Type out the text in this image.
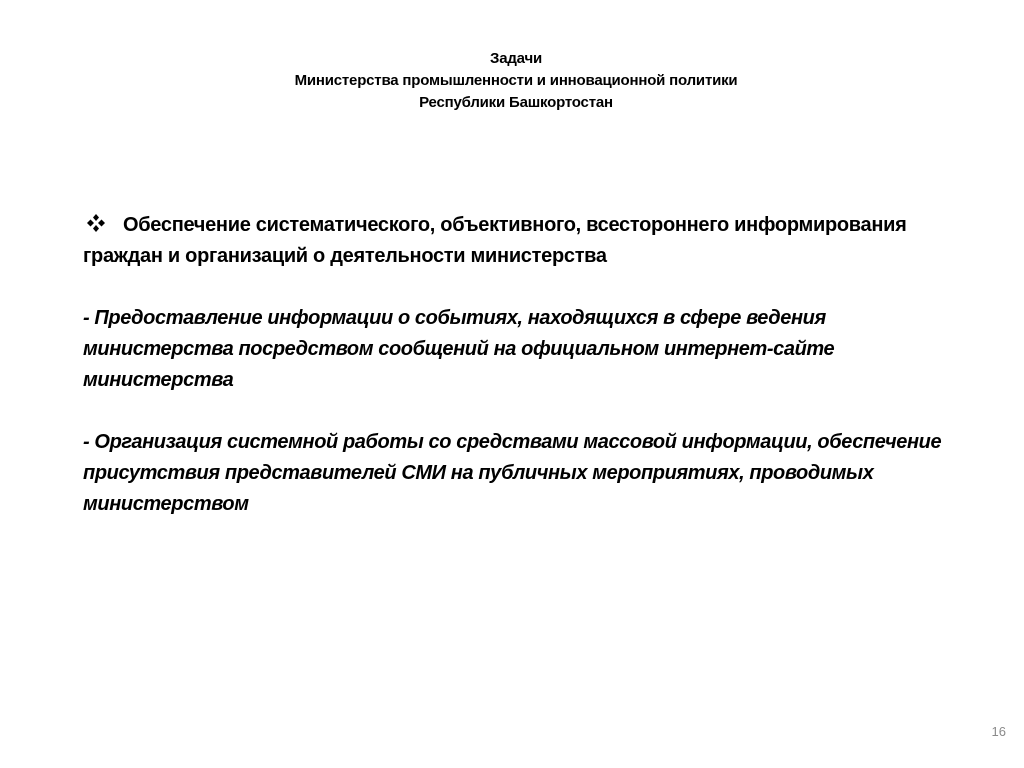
Задачи
Министерства промышленности и инновационной политики
Республики Башкортостан

Обеспечение систематического, объективного, всестороннего информирования граждан и организаций о деятельности министерства

- Предоставление информации о событиях, находящихся в сфере ведения министерства посредством сообщений на официальном интернет-сайте министерства

- Организация системной работы со средствами массовой информации, обеспечение присутствия представителей СМИ на публичных мероприятиях, проводимых министерством

16
